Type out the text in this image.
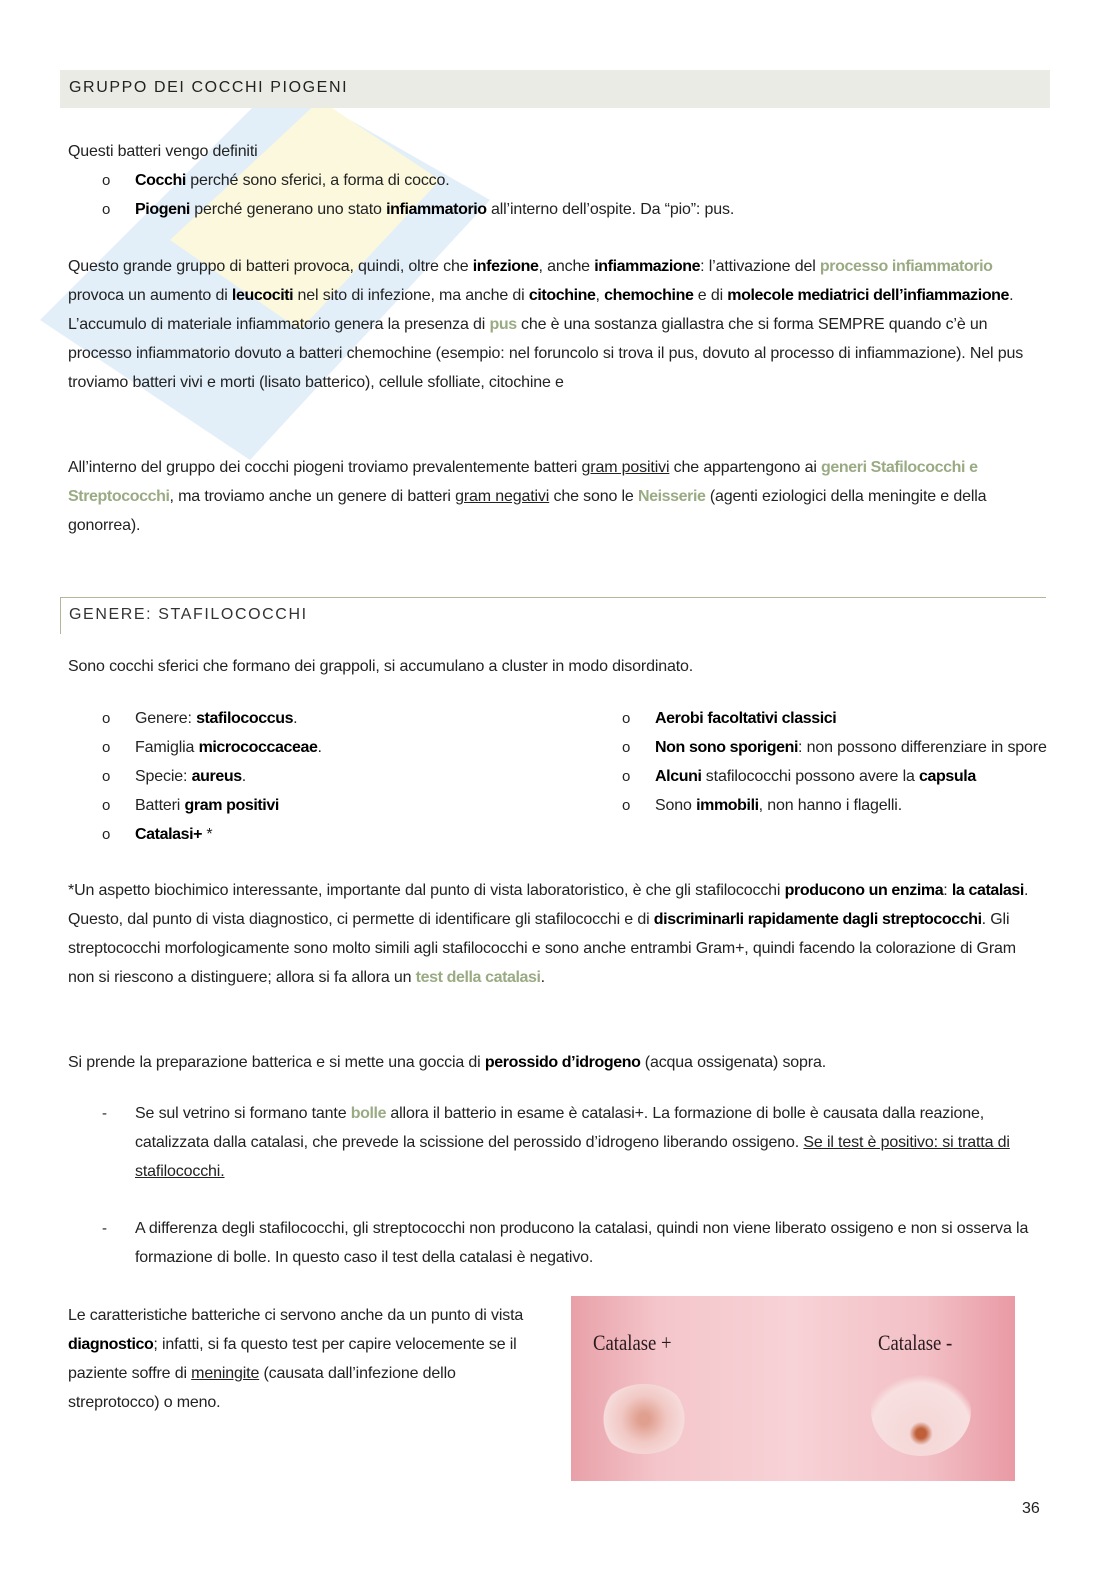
GRUPPO DEI COCCHI PIOGENI
Questi batteri vengo definiti
Questo grande gruppo di batteri provoca, quindi, oltre che infezione, anche infiammazione: l’attivazione del processo infiammatorio provoca un aumento di leucociti nel sito di infezione, ma anche di citochine, chemochine e di molecole mediatrici dell’infiammazione. L’accumulo di materiale infiammatorio genera la presenza di pus che è una sostanza giallastra che si forma SEMPRE quando c’è un processo infiammatorio dovuto a batteri chemochine (esempio: nel foruncolo si trova il pus, dovuto al processo di infiammazione). Nel pus troviamo batteri vivi e morti (lisato batterico), cellule sfolliate, citochine e
All’interno del gruppo dei cocchi piogeni troviamo prevalentemente batteri gram positivi che appartengono ai generi Stafilococchi e Streptococchi, ma troviamo anche un genere di batteri gram negativi che sono le Neisserie (agenti eziologici della meningite e della gonorrea).
GENERE: STAFILOCOCCHI
Sono cocchi sferici che formano dei grappoli, si accumulano a cluster in modo disordinato.
*Un aspetto biochimico interessante, importante dal punto di vista laboratoristico, è che gli stafilococchi producono un enzima: la catalasi. Questo, dal punto di vista diagnostico, ci permette di identificare gli stafilococchi e di discriminarli rapidamente dagli streptococchi. Gli streptococchi morfologicamente sono molto simili agli stafilococchi e sono anche entrambi Gram+, quindi facendo la colorazione di Gram non si riescono a distinguere; allora si fa allora un test della catalasi.
Si prende la preparazione batterica e si mette una goccia di perossido d’idrogeno (acqua ossigenata) sopra.
Le caratteristiche batteriche ci servono anche da un punto di vista diagnostico; infatti, si fa questo test per capire velocemente se il paziente soffre di meningite (causata dall’infezione dello streprotocco) o meno.
Catalase +	Catalase -
36
o Cocchi perché sono sferici, a forma di cocco.
o Piogeni perché generano uno stato infiammatorio all’interno dell’ospite. Da “pio”: pus.
o Genere: stafilococcus.
o Famiglia micrococcaceae.
o Specie: aureus.
o Batteri gram positivi
o Catalasi+ *
o Aerobi facoltativi classici
o Non sono sporigeni: non possono differenziare in spore
o Alcuni stafilococchi possono avere la capsula
o Sono immobili, non hanno i flagelli.
- Se sul vetrino si formano tante bolle allora il batterio in esame è catalasi+. La formazione di bolle è causata dalla reazione, catalizzata dalla catalasi, che prevede la scissione del perossido d’idrogeno liberando ossigeno. Se il test è positivo: si tratta di stafilococchi.
- A differenza degli stafilococchi, gli streptococchi non producono la catalasi, quindi non viene liberato ossigeno e non si osserva la formazione di bolle. In questo caso il test della catalasi è negativo.
